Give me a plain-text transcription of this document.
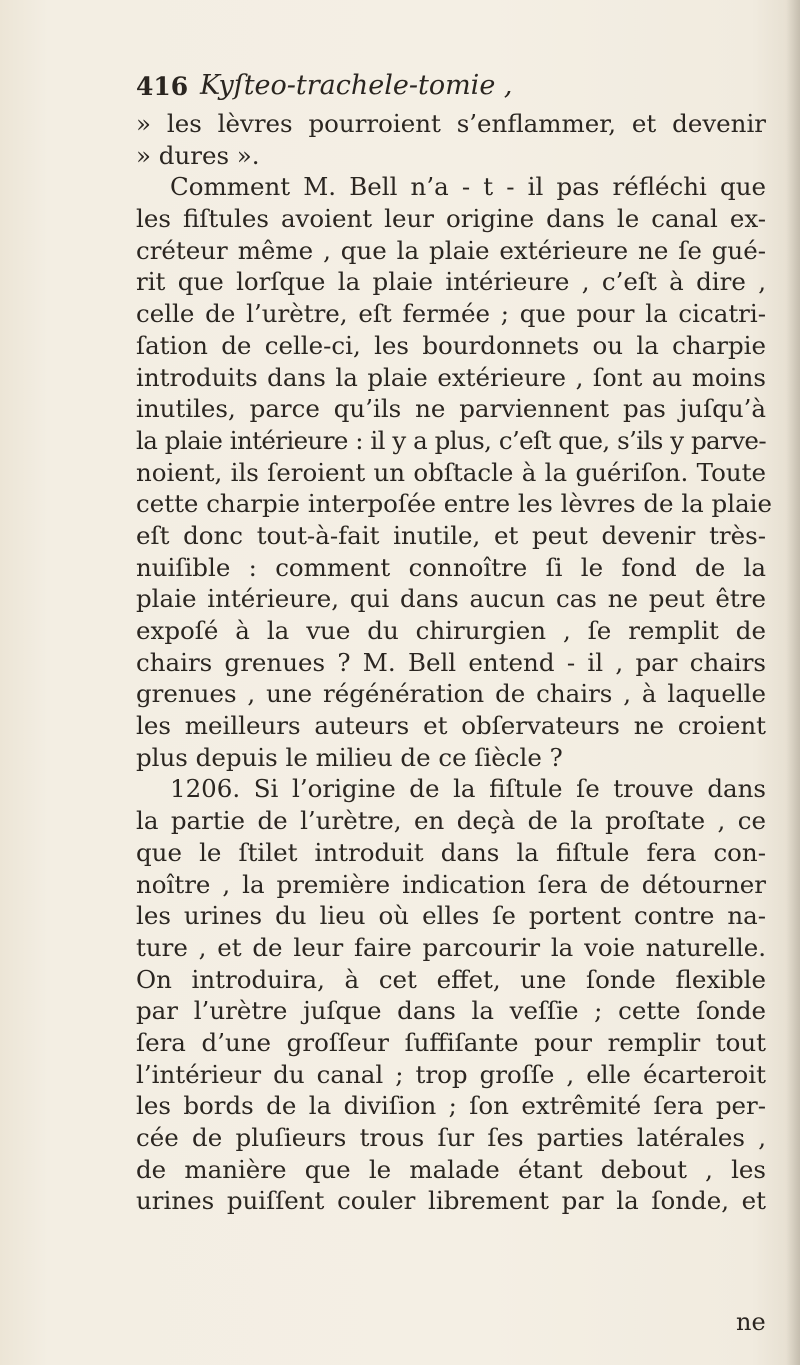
416 Kyſteo-trachele-tomie ,
» les lèvres pourroient s’enflammer, et devenir
» dures ».
Comment M. Bell n’a - t - il pas réfléchi que
les fiſtules avoient leur origine dans le canal ex-
créteur même , que la plaie extérieure ne ſe gué-
rit que lorſque la plaie intérieure , c’eſt à dire ,
celle de l’urètre, eſt fermée ; que pour la cicatri-
ſation de celle-ci, les bourdonnets ou la charpie
introduits dans la plaie extérieure , ſont au moins
inutiles, parce qu’ils ne parviennent pas juſqu’à
la plaie intérieure : il y a plus, c’eſt que, s’ils y parve-
noient, ils ſeroient un obſtacle à la guériſon. Toute
cette charpie interpoſée entre les lèvres de la plaie
eſt donc tout-à-fait inutile, et peut devenir très-
nuiſible : comment connoître ſi le fond de la
plaie intérieure, qui dans aucun cas ne peut être
expoſé à la vue du chirurgien , ſe remplit de
chairs grenues ? M. Bell entend - il , par chairs
grenues , une régénération de chairs , à laquelle
les meilleurs auteurs et obſervateurs ne croient
plus depuis le milieu de ce ſiècle ?
1206. Si l’origine de la fiſtule ſe trouve dans
la partie de l’urètre, en deçà de la proſtate , ce
que le ſtilet introduit dans la fiſtule fera con-
noître , la première indication ſera de détourner
les urines du lieu où elles ſe portent contre na-
ture , et de leur faire parcourir la voie naturelle.
On introduira, à cet effet, une ſonde flexible
par l’urètre juſque dans la veſſie ; cette ſonde
ſera d’une groſſeur ſuffiſante pour remplir tout
l’intérieur du canal ; trop groſſe , elle écarteroit
les bords de la diviſion ; ſon extrêmité ſera per-
cée de pluſieurs trous ſur ſes parties latérales ,
de manière que le malade étant debout , les
urines puiſſent couler librement par la ſonde, et
ne
